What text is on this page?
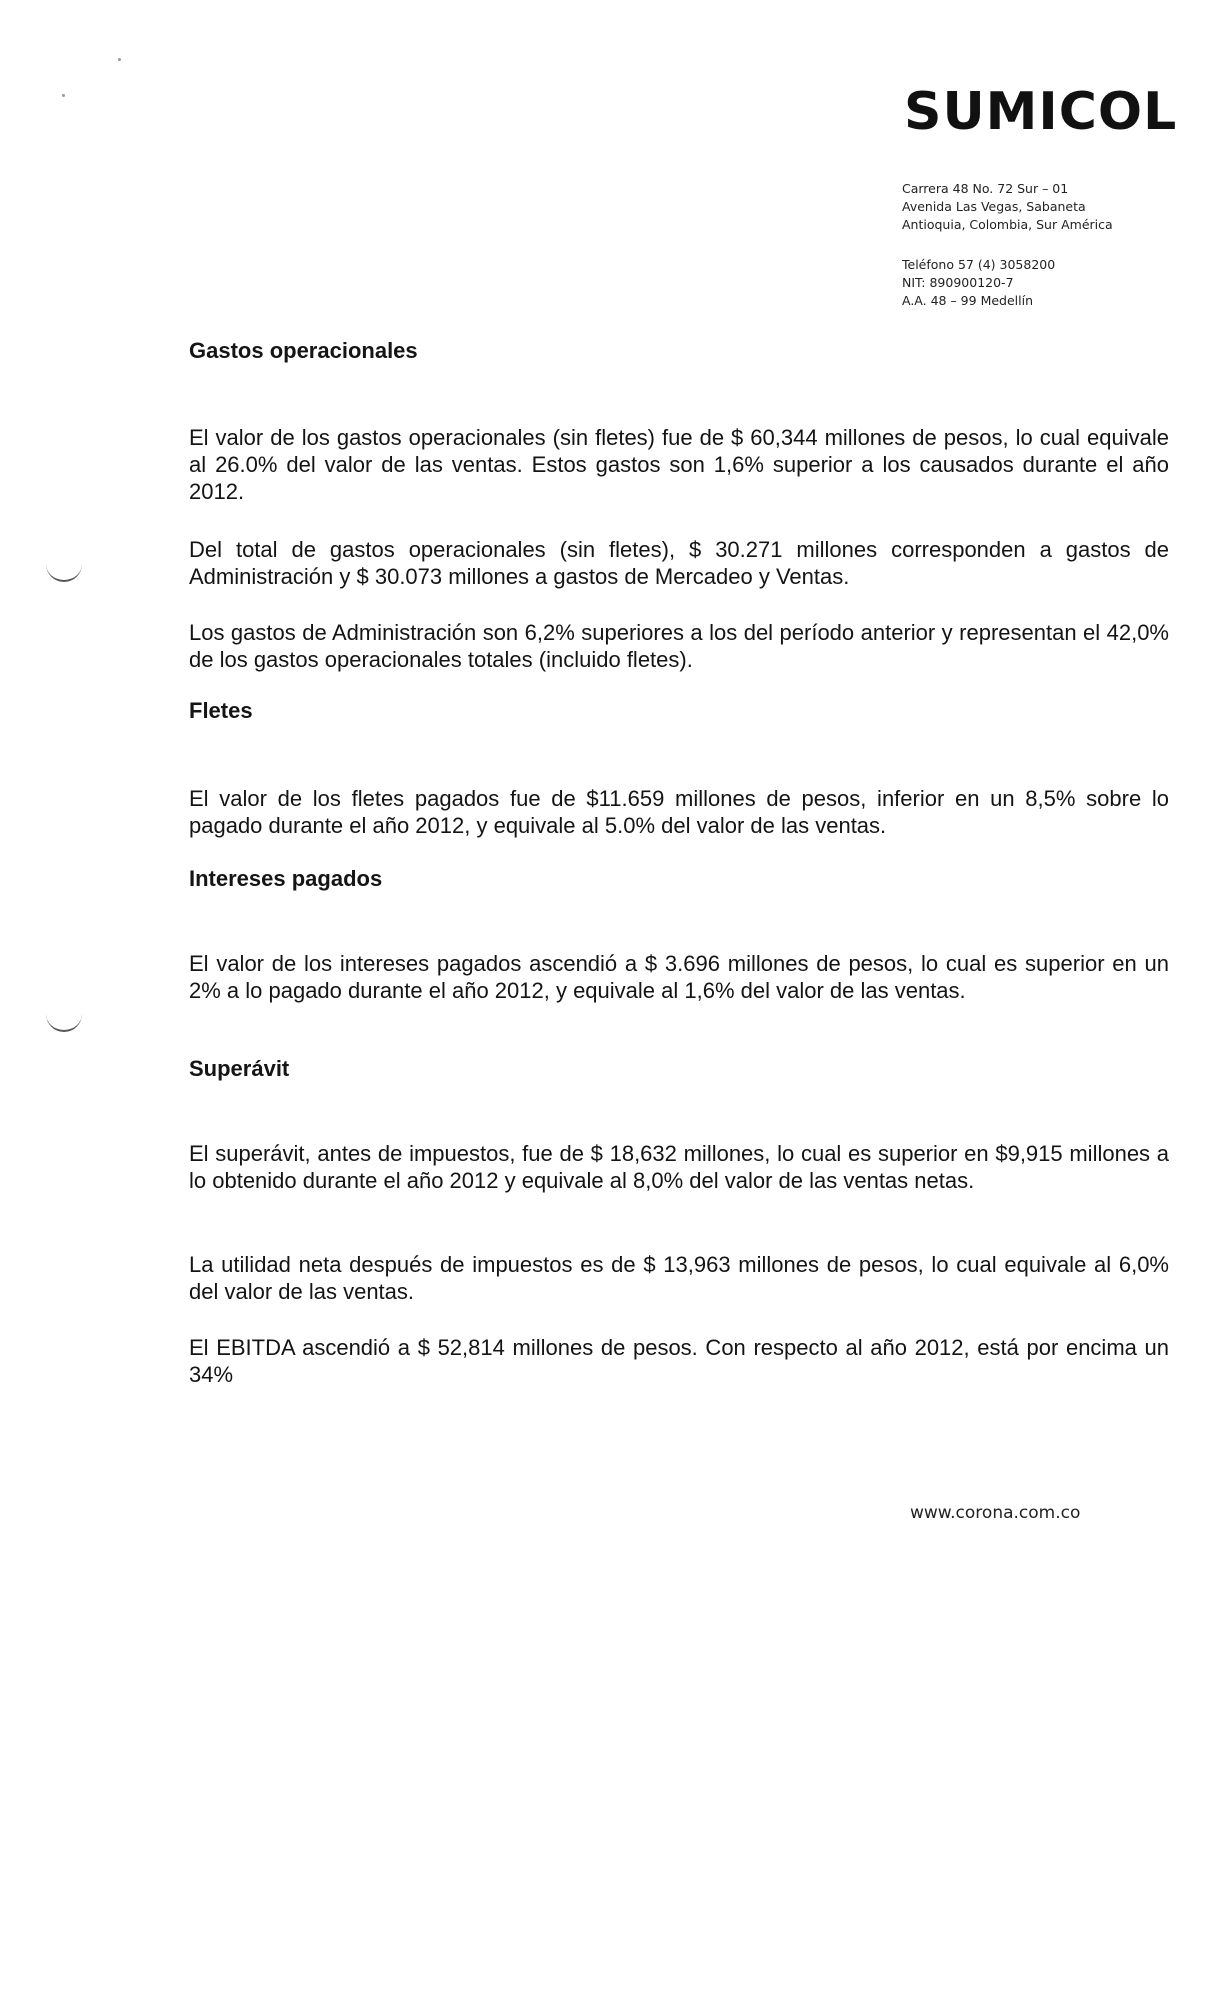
SUMICOL
Carrera 48 No. 72 Sur – 01
Avenida Las Vegas, Sabaneta
Antioquia, Colombia, Sur América
Teléfono 57 (4) 3058200
NIT: 890900120-7
A.A. 48 – 99 Medellín
Gastos operacionales
El valor de los gastos operacionales (sin fletes) fue de $ 60,344 millones de pesos, lo cual equivale al 26.0% del valor de las ventas. Estos gastos son 1,6% superior a los causados durante el año 2012.
Del total de gastos operacionales (sin fletes), $ 30.271 millones corresponden a gastos de Administración y $ 30.073 millones a gastos de Mercadeo y Ventas.
Los gastos de Administración son 6,2% superiores a los del período anterior y representan el 42,0% de los gastos operacionales totales (incluido fletes).
Fletes
El valor de los fletes pagados fue de $11.659 millones de pesos, inferior en un 8,5% sobre lo pagado durante el año 2012, y equivale al 5.0% del valor de las ventas.
Intereses pagados
El valor de los intereses pagados ascendió a $ 3.696 millones de pesos, lo cual es superior en un 2% a lo pagado durante el año 2012, y equivale al 1,6% del valor de las ventas.
Superávit
El superávit, antes de impuestos, fue de $ 18,632 millones, lo cual es superior en $9,915 millones a lo obtenido durante el año 2012 y equivale al 8,0% del valor de las ventas netas.
La utilidad neta después de impuestos es de $ 13,963 millones de pesos, lo cual equivale al 6,0% del valor de las ventas.
El EBITDA ascendió a $ 52,814 millones de pesos. Con respecto al año 2012, está por encima un 34%
www.corona.com.co
